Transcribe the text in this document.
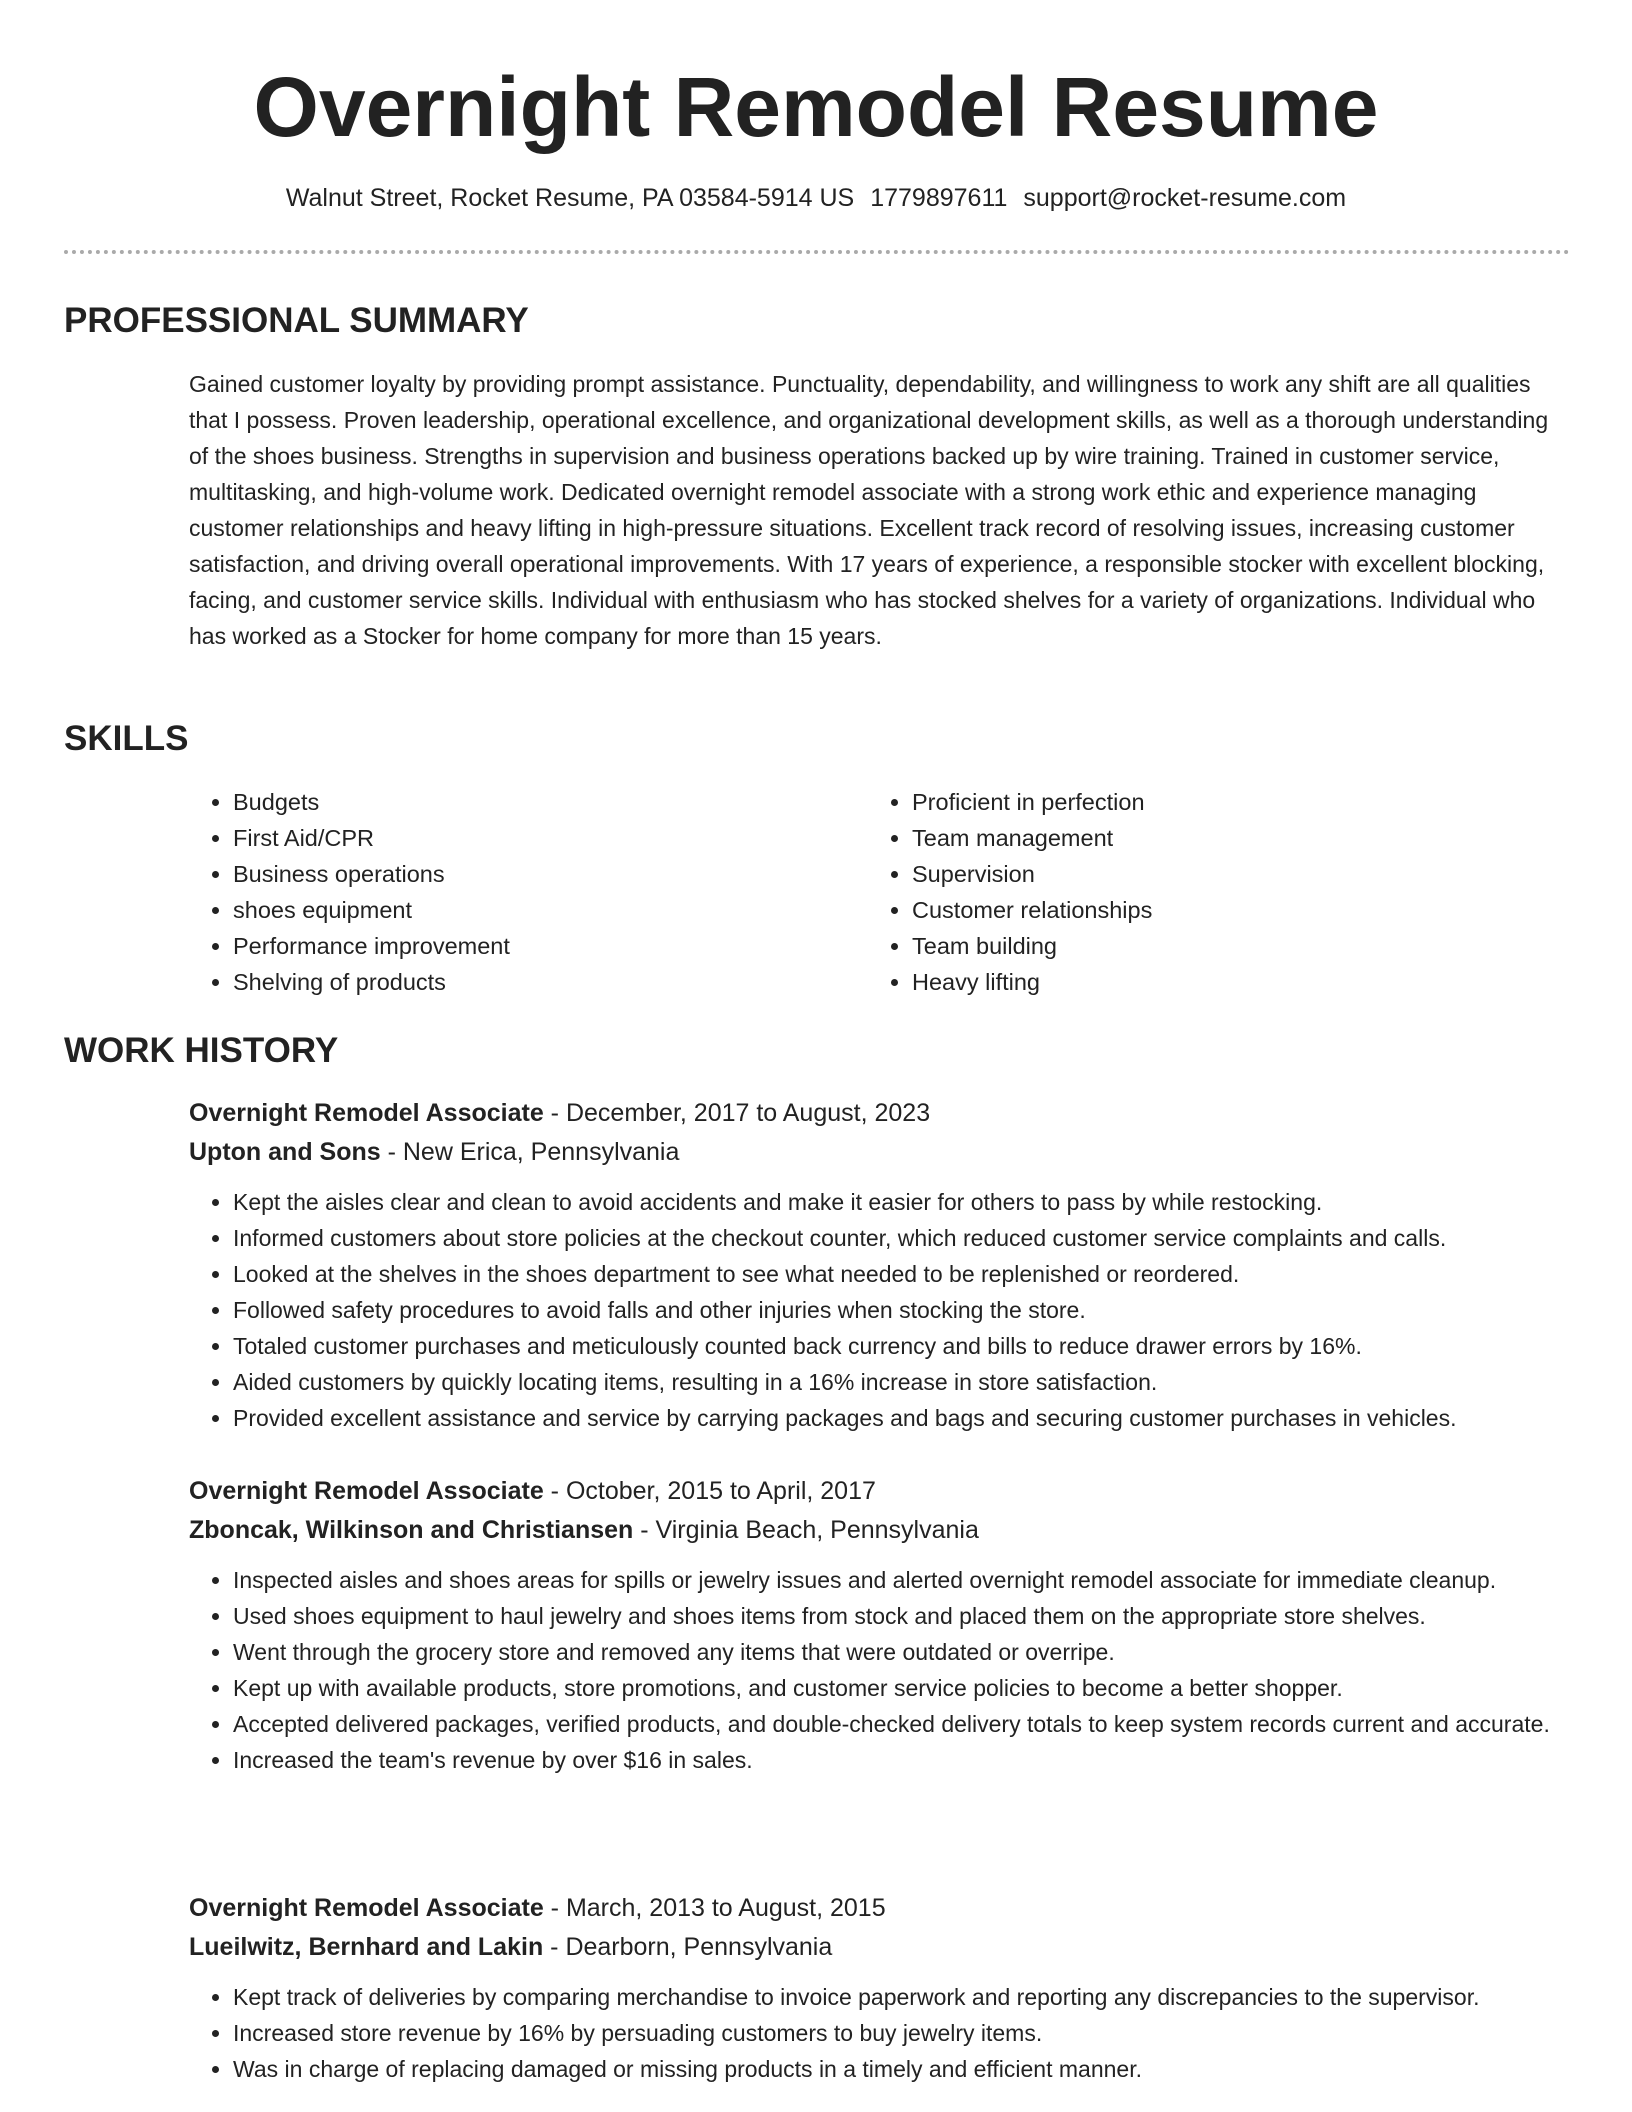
Overnight Remodel Resume
Walnut Street, Rocket Resume, PA 03584-5914 US 1779897611 support@rocket-resume.com
PROFESSIONAL SUMMARY

Gained customer loyalty by providing prompt assistance. Punctuality, dependability, and willingness to work any shift are all qualities that I possess. Proven leadership, operational excellence, and organizational development skills, as well as a thorough understanding of the shoes business. Strengths in supervision and business operations backed up by wire training. Trained in customer service, multitasking, and high-volume work. Dedicated overnight remodel associate with a strong work ethic and experience managing customer relationships and heavy lifting in high-pressure situations. Excellent track record of resolving issues, increasing customer satisfaction, and driving overall operational improvements. With 17 years of experience, a responsible stocker with excellent blocking, facing, and customer service skills. Individual with enthusiasm who has stocked shelves for a variety of organizations. Individual who has worked as a Stocker for home company for more than 15 years.

SKILLS
• Budgets
• First Aid/CPR
• Business operations
• shoes equipment
• Performance improvement
• Shelving of products
• Proficient in perfection
• Team management
• Supervision
• Customer relationships
• Team building
• Heavy lifting
WORK HISTORY

Overnight Remodel Associate - December, 2017 to August, 2023

Upton and Sons - New Erica, Pennsylvania

• Kept the aisles clear and clean to avoid accidents and make it easier for others to pass by while restocking.
• Informed customers about store policies at the checkout counter, which reduced customer service complaints and calls.
• Looked at the shelves in the shoes department to see what needed to be replenished or reordered.
• Followed safety procedures to avoid falls and other injuries when stocking the store.
• Totaled customer purchases and meticulously counted back currency and bills to reduce drawer errors by 16%.
• Aided customers by quickly locating items, resulting in a 16% increase in store satisfaction.
• Provided excellent assistance and service by carrying packages and bags and securing customer purchases in vehicles.

Overnight Remodel Associate - October, 2015 to April, 2017

Zboncak, Wilkinson and Christiansen - Virginia Beach, Pennsylvania

• Inspected aisles and shoes areas for spills or jewelry issues and alerted overnight remodel associate for immediate cleanup.
• Used shoes equipment to haul jewelry and shoes items from stock and placed them on the appropriate store shelves.
• Went through the grocery store and removed any items that were outdated or overripe.
• Kept up with available products, store promotions, and customer service policies to become a better shopper.
• Accepted delivered packages, verified products, and double-checked delivery totals to keep system records current and accurate.
• Increased the team's revenue by over $16 in sales.

Overnight Remodel Associate - March, 2013 to August, 2015

Lueilwitz, Bernhard and Lakin - Dearborn, Pennsylvania

• Kept track of deliveries by comparing merchandise to invoice paperwork and reporting any discrepancies to the supervisor.
• Increased store revenue by 16% by persuading customers to buy jewelry items.
• Was in charge of replacing damaged or missing products in a timely and efficient manner.
